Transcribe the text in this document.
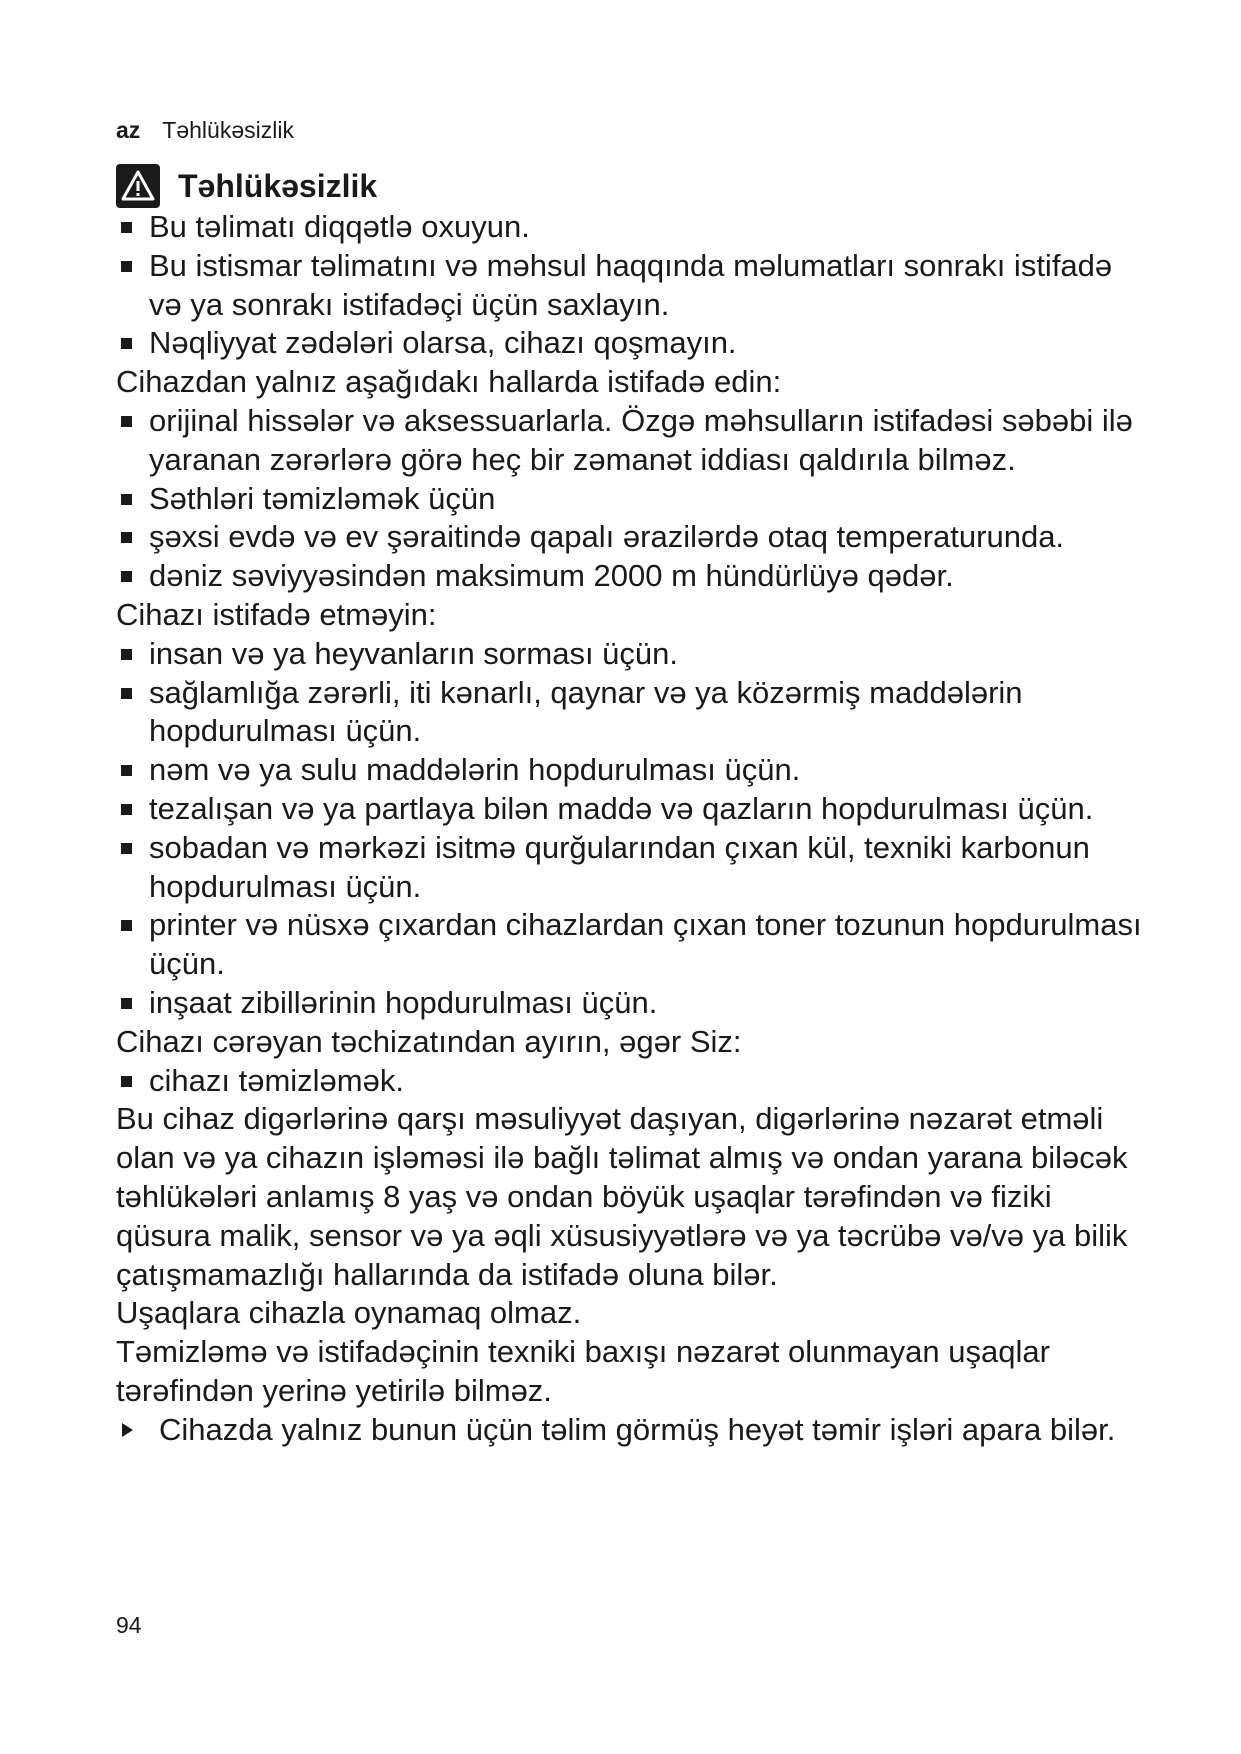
az Təhlükəsizlik
Təhlükəsizlik

Bu təlimatı diqqətlə oxuyun.

Bu istismar təlimatını və məhsul haqqında məlumatları sonrakı istifadə və ya sonrakı istifadəçi üçün saxlayın.

Nəqliyyat zədələri olarsa, cihazı qoşmayın.

Cihazdan yalnız aşağıdakı hallarda istifadə edin:

orijinal hissələr və aksessuarlarla. Özgə məhsulların istifadəsi səbəbi ilə yaranan zərərlərə görə heç bir zəmanət iddiası qaldırıla bilməz.

Səthləri təmizləmək üçün

şəxsi evdə və ev şəraitində qapalı ərazilərdə otaq temperaturunda.

dəniz səviyyəsindən maksimum 2000 m hündürlüyə qədər.

Cihazı istifadə etməyin:

insan və ya heyvanların sorması üçün.

sağlamlığa zərərli, iti kənarlı, qaynar və ya közərmiş maddələrin hopdurulması üçün.

nəm və ya sulu maddələrin hopdurulması üçün.

tezalışan və ya partlaya bilən maddə və qazların hopdurulması üçün.

sobadan və mərkəzi isitmə qurğularından çıxan kül, texniki karbonun hopdurulması üçün.

printer və nüsxə çıxardan cihazlardan çıxan toner tozunun hopdurulması üçün.

inşaat zibillərinin hopdurulması üçün.

Cihazı cərəyan təchizatından ayırın, əgər Siz:

cihazı təmizləmək.

Bu cihaz digərlərinə qarşı məsuliyyət daşıyan, digərlərinə nəzarət etməli olan və ya cihazın işləməsi ilə bağlı təlimat almış və ondan yarana biləcək təhlükələri anlamış 8 yaş və ondan böyük uşaqlar tərəfindən və fiziki qüsura malik, sensor və ya əqli xüsusiyyətlərə və ya təcrübə və/və ya bilik çatışmamazlığı hallarında da istifadə oluna bilər.

Uşaqlara cihazla oynamaq olmaz.

Təmizləmə və istifadəçinin texniki baxışı nəzarət olunmayan uşaqlar tərəfindən yerinə yetirilə bilməz.

Cihazda yalnız bunun üçün təlim görmüş heyət təmir işləri apara bilər.

94
